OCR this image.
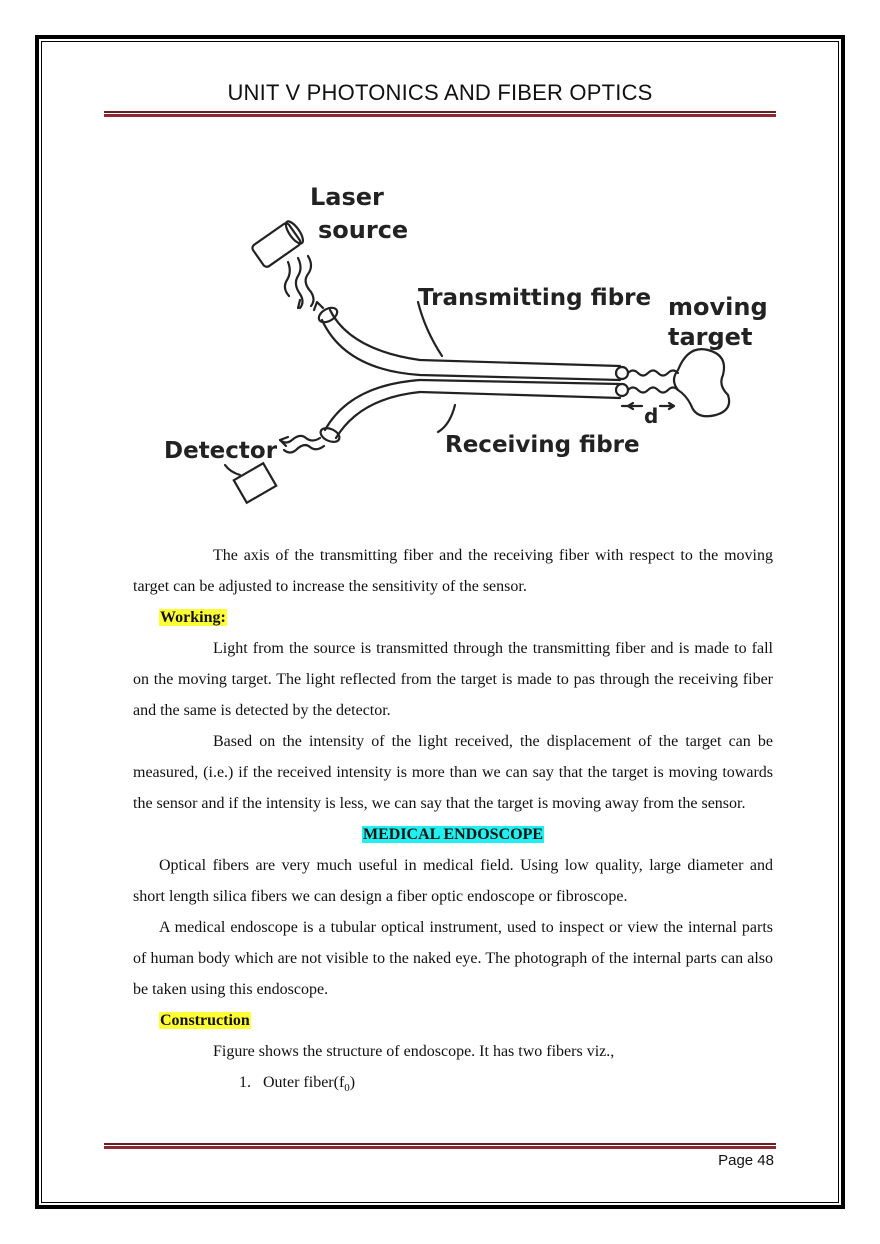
UNIT V PHOTONICS AND FIBER OPTICS
Laser
source
Transmitting fibre moving
target
d
Receiving fibre
Detector

The axis of the transmitting fiber and the receiving fiber with respect to the moving target can be adjusted to increase the sensitivity of the sensor.

Working:

Light from the source is transmitted through the transmitting fiber and is made to fall on the moving target. The light reflected from the target is made to pas through the receiving fiber and the same is detected by the detector.

Based on the intensity of the light received, the displacement of the target can be measured, (i.e.) if the received intensity is more than we can say that the target is moving towards the sensor and if the intensity is less, we can say that the target is moving away from the sensor.

MEDICAL ENDOSCOPE

Optical fibers are very much useful in medical field. Using low quality, large diameter and short length silica fibers we can design a fiber optic endoscope or fibroscope.

A medical endoscope is a tubular optical instrument, used to inspect or view the internal parts of human body which are not visible to the naked eye. The photograph of the internal parts can also be taken using this endoscope.

Construction

Figure shows the structure of endoscope. It has two fibers viz.,

1. Outer $fiber(f_0)$

Page 48
